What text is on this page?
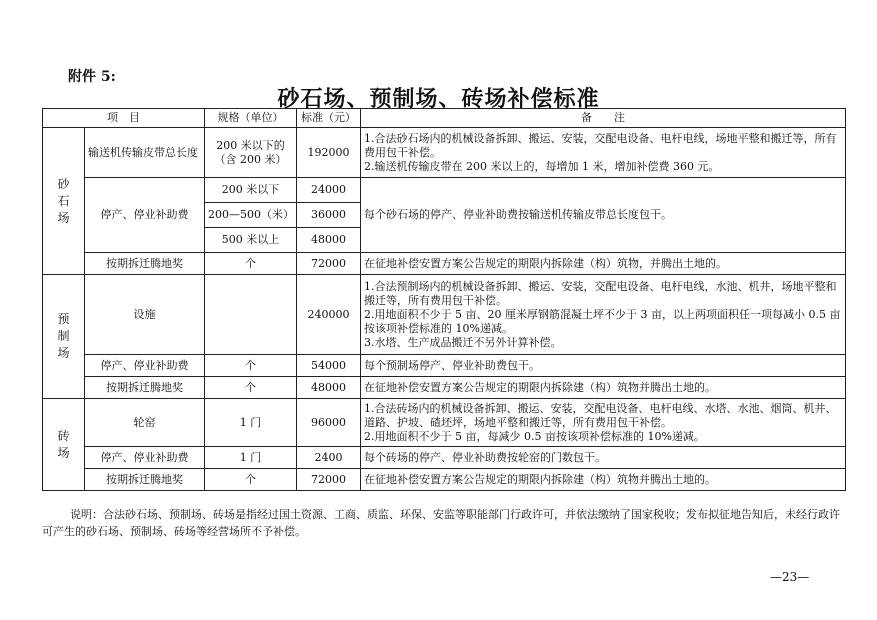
附件 5:
砂石场、预制场、砖场补偿标准
项　目		规格（单位）	标准（元）	备　　注
砂
石
场	输送机传输皮带总长度	200 米以下的（含 200 米）	192000	1.合法砂石场内的机械设备拆卸、搬运、安装，交配电设备、电杆电线，场地平整和搬迁等，所有费用包干补偿。
2.输送机传输皮带在 200 米以上的，每增加 1 米，增加补偿费 360 元。
	停产、停业补助费	200 米以下	24000	每个砂石场的停产、停业补助费按输送机传输皮带总长度包干。
		200—500（米）	36000	
		500 米以上	48000	
	按期拆迁腾地奖	个	72000	在征地补偿安置方案公告规定的期限内拆除建（构）筑物，并腾出土地的。
预
制
场	设施		240000	1.合法预制场内的机械设备拆卸、搬运、安装，交配电设备、电杆电线，水池、机井，场地平整和搬迁等，所有费用包干补偿。
2.用地面积不少于 5 亩、20 厘米厚钢筋混凝土坪不少于 3 亩，以上两项面积任一项每减小 0.5 亩按该项补偿标准的 10%递减。
3.水塔、生产成品搬迁不另外计算补偿。
	停产、停业补助费	个	54000	每个预制场停产、停业补助费包干。
	按期拆迁腾地奖	个	48000	在征地补偿安置方案公告规定的期限内拆除建（构）筑物并腾出土地的。
砖
场	轮窑	1 门	96000	1.合法砖场内的机械设备拆卸、搬运、安装，交配电设备、电杆电线、水塔、水池、烟筒、机井、道路、护坡、碴坯坪，场地平整和搬迁等，所有费用包干补偿。
2.用地面积不少于 5 亩，每减少 0.5 亩按该项补偿标准的 10%递减。
	停产、停业补助费	1 门	2400	每个砖场的停产、停业补助费按轮窑的门数包干。
	按期拆迁腾地奖	个	72000	在征地补偿安置方案公告规定的期限内拆除建（构）筑物并腾出土地的。
说明：合法砂石场、预制场、砖场是指经过国土资源、工商、质监、环保、安监等职能部门行政许可，并依法缴纳了国家税收；发布拟征地告知后，未经行政许可产生的砂石场、预制场、砖场等经营场所不予补偿。
—23—
